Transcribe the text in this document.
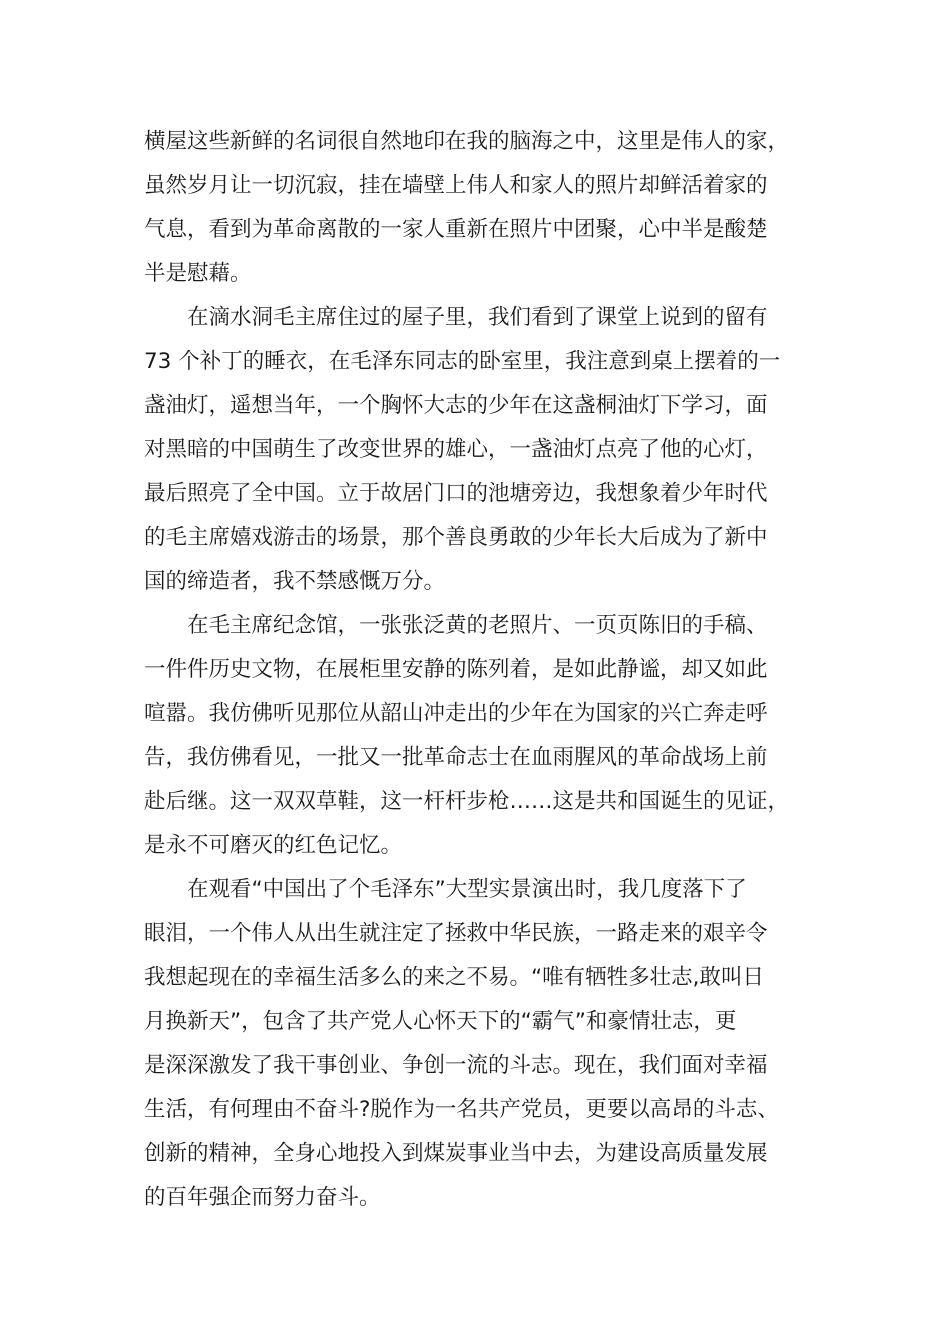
横屋这些新鲜的名词很自然地印在我的脑海之中，这里是伟人的家，
虽然岁月让一切沉寂，挂在墙壁上伟人和家人的照片却鲜活着家的
气息，看到为革命离散的一家人重新在照片中团聚，心中半是酸楚
半是慰藉。
在滴水洞毛主席住过的屋子里，我们看到了课堂上说到的留有
73 个补丁的睡衣，在毛泽东同志的卧室里，我注意到桌上摆着的一
盏油灯，遥想当年，一个胸怀大志的少年在这盏桐油灯下学习，面
对黑暗的中国萌生了改变世界的雄心，一盏油灯点亮了他的心灯，
最后照亮了全中国。立于故居门口的池塘旁边，我想象着少年时代
的毛主席嬉戏游击的场景，那个善良勇敢的少年长大后成为了新中
国的缔造者，我不禁感慨万分。
在毛主席纪念馆，一张张泛黄的老照片、一页页陈旧的手稿、
一件件历史文物，在展柜里安静的陈列着，是如此静谧，却又如此
喧嚣。我仿佛听见那位从韶山冲走出的少年在为国家的兴亡奔走呼
告，我仿佛看见，一批又一批革命志士在血雨腥风的革命战场上前
赴后继。这一双双草鞋，这一杆杆步枪……这是共和国诞生的见证，
是永不可磨灭的红色记忆。
在观看“中国出了个毛泽东”大型实景演出时，我几度落下了
眼泪，一个伟人从出生就注定了拯救中华民族，一路走来的艰辛令
我想起现在的幸福生活多么的来之不易。“唯有牺牲多壮志,敢叫日
月换新天”，包含了共产党人心怀天下的“霸气”和豪情壮志，更
是深深激发了我干事创业、争创一流的斗志。现在，我们面对幸福
生活，有何理由不奋斗?脱作为一名共产党员，更要以高昂的斗志、
创新的精神，全身心地投入到煤炭事业当中去，为建设高质量发展
的百年强企而努力奋斗。
